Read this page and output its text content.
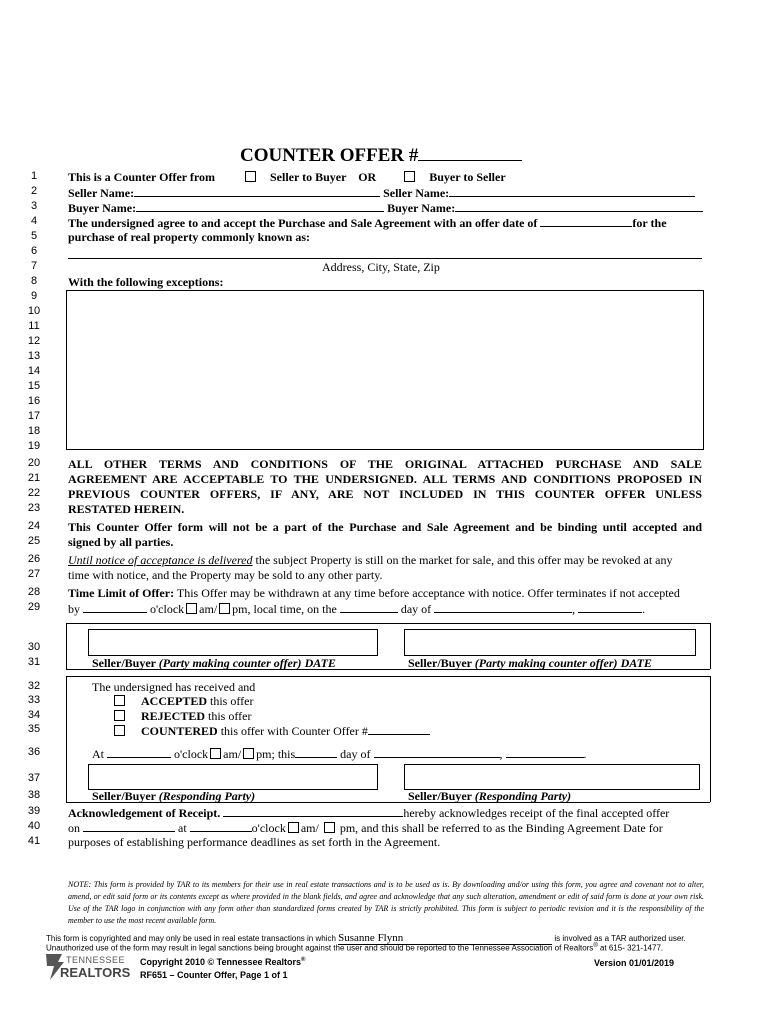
COUNTER OFFER #
1
2
3
4
5
6
7
8
9
10
11
12
13
14
15
16
17
18
19
20
21
22
23
24
25
26
27
28
29
30
31
32
33
34
35
36
37
38
39
40
41
This is a Counter Offer from	Seller to Buyer OR	Buyer to Seller
Seller Name:	Seller Name:
Buyer Name:	Buyer Name:
The undersigned agree to and accept the Purchase and Sale Agreement with an offer date of	for the
purchase of real property commonly known as:
Address, City, State, Zip
With the following exceptions:
ALL OTHER TERMS AND CONDITIONS OF THE ORIGINAL ATTACHED PURCHASE AND SALE
AGREEMENT ARE ACCEPTABLE TO THE UNDERSIGNED. ALL TERMS AND CONDITIONS PROPOSED IN
PREVIOUS COUNTER OFFERS, IF ANY, ARE NOT INCLUDED IN THIS COUNTER OFFER UNLESS
RESTATED HEREIN.
This Counter Offer form will not be a part of the Purchase and Sale Agreement and be binding until accepted and
signed by all parties.
Until notice of acceptance is delivered the subject Property is still on the market for sale, and this offer may be revoked at any
time with notice, and the Property may be sold to any other party.
Time Limit of Offer: This Offer may be withdrawn at any time before acceptance with notice. Offer terminates if not accepted
by	o'clock am/ pm, local time, on the	day of	,	.
Seller/Buyer (Party making counter offer) DATE	Seller/Buyer (Party making counter offer) DATE
The undersigned has received and
ACCEPTED this offer
REJECTED this offer
COUNTERED this offer with Counter Offer #
At	o'clock am/ pm; this	day of	,	.
Seller/Buyer (Responding Party)	Seller/Buyer (Responding Party)
Acknowledgement of Receipt.	hereby acknowledges receipt of the final accepted offer
on	at	o'clock am/ pm, and this shall be referred to as the Binding Agreement Date for
purposes of establishing performance deadlines as set forth in the Agreement.
NOTE: This form is provided by TAR to its members for their use in real estate transactions and is to be used as is. By downloading and/or using this form, you agree and covenant not to alter, amend, or edit said form or its contents except as where provided in the blank fields, and agree and acknowledge that any such alteration, amendment or edit of said form is done at your own risk. Use of the TAR logo in conjunction with any form other than standardized forms created by TAR is strictly prohibited. This form is subject to periodic revision and it is the responsibility of the member to use the most recent available form.
This form is copyrighted and may only be used in real estate transactions in which Susanne Flynn	is involved as a TAR authorized user.
Unauthorized use of the form may result in legal sanctions being brought against the user and should be reported to the Tennessee Association of Realtors® at 615- 321-1477.
TENNESSEE
REALTORS
Copyright 2010 © Tennessee Realtors®
RF651 – Counter Offer, Page 1 of 1
Version 01/01/2019
